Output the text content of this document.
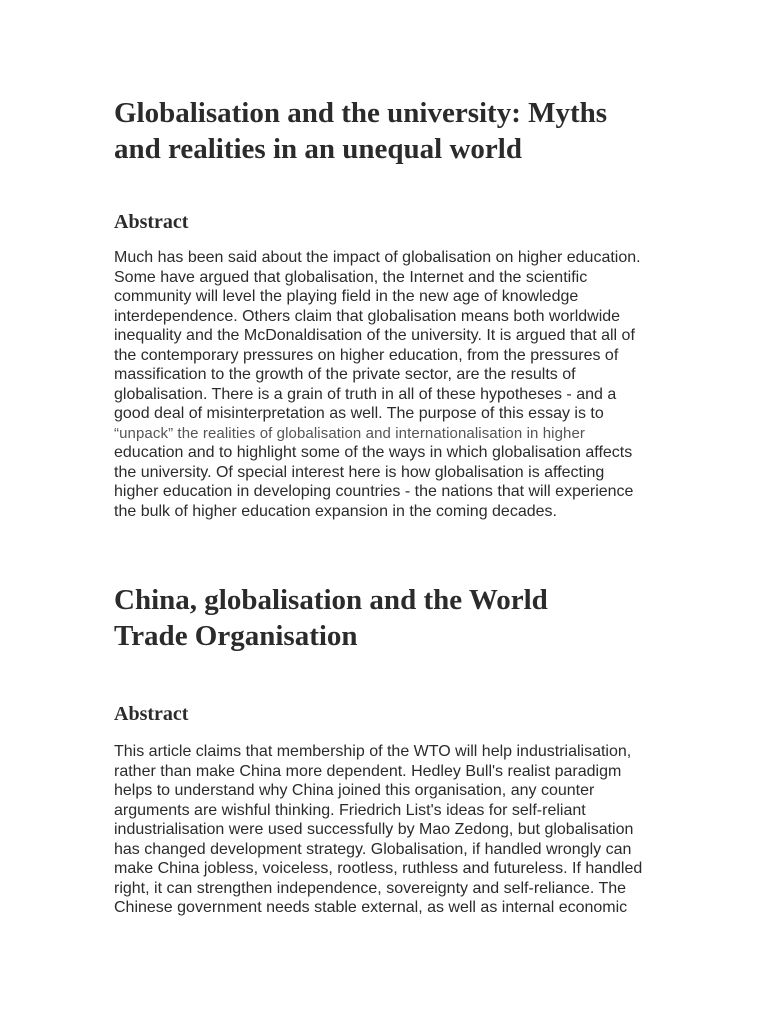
Globalisation and the university: Myths
and realities in an unequal world
Abstract

Much has been said about the impact of globalisation on higher education.
Some have argued that globalisation, the Internet and the scientific
community will level the playing field in the new age of knowledge
interdependence. Others claim that globalisation means both worldwide
inequality and the McDonaldisation of the university. It is argued that all of
the contemporary pressures on higher education, from the pressures of
massification to the growth of the private sector, are the results of
globalisation. There is a grain of truth in all of these hypotheses - and a
good deal of misinterpretation as well. The purpose of this essay is to
“unpack” the realities of globalisation and internationalisation in higher
education and to highlight some of the ways in which globalisation affects
the university. Of special interest here is how globalisation is affecting
higher education in developing countries - the nations that will experience
the bulk of higher education expansion in the coming decades.

China, globalisation and the World
Trade Organisation
Abstract

This article claims that membership of the WTO will help industrialisation,
rather than make China more dependent. Hedley Bull's realist paradigm
helps to understand why China joined this organisation, any counter
arguments are wishful thinking. Friedrich List's ideas for self-reliant
industrialisation were used successfully by Mao Zedong, but globalisation
has changed development strategy. Globalisation, if handled wrongly can
make China jobless, voiceless, rootless, ruthless and futureless. If handled
right, it can strengthen independence, sovereignty and self-reliance. The
Chinese government needs stable external, as well as internal economic
